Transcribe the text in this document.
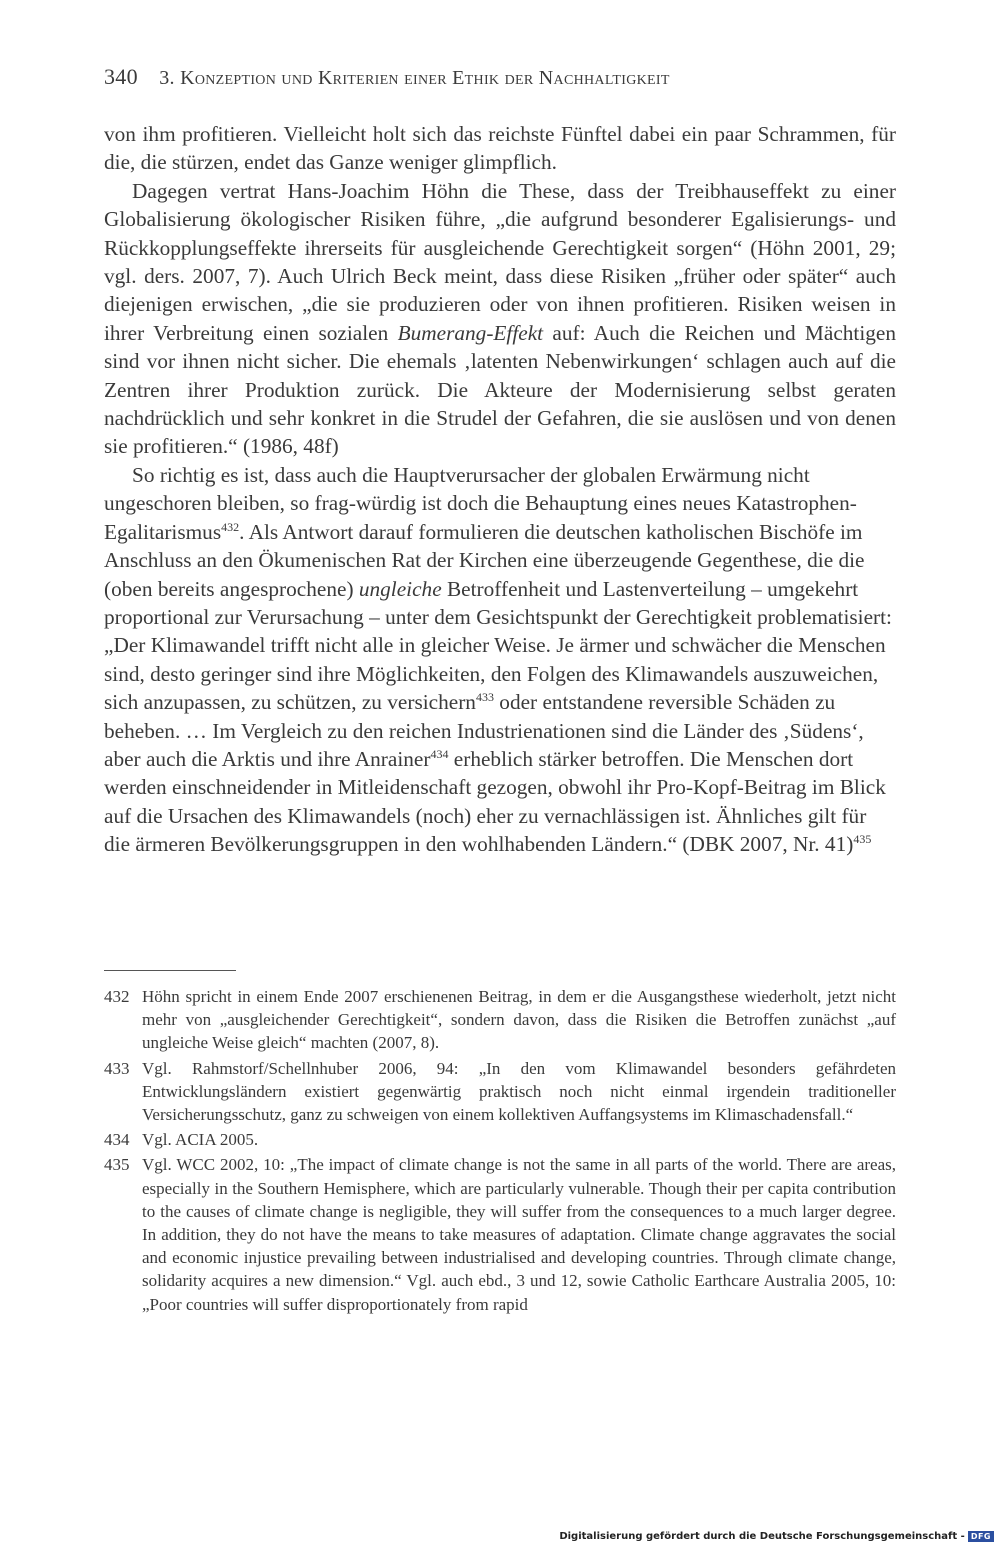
340 3. Konzeption und Kriterien einer Ethik der Nachhaltigkeit

von ihm profitieren. Vielleicht holt sich das reichste Fünftel dabei ein paar Schrammen, für die, die stürzen, endet das Ganze weniger glimpflich.

Dagegen vertrat Hans-Joachim Höhn die These, dass der Treibhauseffekt zu einer Globalisierung ökologischer Risiken führe, „die aufgrund besonderer Egalisierungs- und Rückkopplungseffekte ihrerseits für ausgleichende Gerechtigkeit sorgen“ (Höhn 2001, 29; vgl. ders. 2007, 7). Auch Ulrich Beck meint, dass diese Risiken „früher oder später“ auch diejenigen erwischen, „die sie produzieren oder von ihnen profitieren. Risiken weisen in ihrer Verbreitung einen sozialen Bumerang-Effekt auf: Auch die Reichen und Mächtigen sind vor ihnen nicht sicher. Die ehemals ‚latenten Nebenwirkungen‘ schlagen auch auf die Zentren ihrer Produktion zurück. Die Akteure der Modernisierung selbst geraten nachdrücklich und sehr konkret in die Strudel der Gefahren, die sie auslösen und von denen sie profitieren.“ (1986, 48f)

So richtig es ist, dass auch die Hauptverursacher der globalen Erwärmung nicht ungeschoren bleiben, so frag-würdig ist doch die Behauptung eines neues Katastrophen-Egalitarismus$^{432}$. Als Antwort darauf formulieren die deutschen katholischen Bischöfe im Anschluss an den Ökumenischen Rat der Kirchen eine überzeugende Gegenthese, die die (oben bereits angesprochene) ungleiche Betroffenheit und Lastenverteilung – umgekehrt proportional zur Verursachung – unter dem Gesichtspunkt der Gerechtigkeit problematisiert: „Der Klimawandel trifft nicht alle in gleicher Weise. Je ärmer und schwächer die Menschen sind, desto geringer sind ihre Möglichkeiten, den Folgen des Klimawandels auszuweichen, sich anzupassen, zu schützen, zu versichern$^{433}$ oder entstandene reversible Schäden zu beheben. … Im Vergleich zu den reichen Industrienationen sind die Länder des ‚Südens‘, aber auch die Arktis und ihre Anrainer$^{434}$ erheblich stärker betroffen. Die Menschen dort werden einschneidender in Mitleidenschaft gezogen, obwohl ihr Pro-Kopf-Beitrag im Blick auf die Ursachen des Klimawandels (noch) eher zu vernachlässigen ist. Ähnliches gilt für die ärmeren Bevölkerungsgruppen in den wohlhabenden Ländern.“ (DBK 2007, Nr. 41)$^{435}$

432 Höhn spricht in einem Ende 2007 erschienenen Beitrag, in dem er die Ausgangsthese wiederholt, jetzt nicht mehr von „ausgleichender Gerechtigkeit“, sondern davon, dass die Risiken die Betroffen zunächst „auf ungleiche Weise gleich“ machten (2007, 8).
433 Vgl. Rahmstorf/Schellnhuber 2006, 94: „In den vom Klimawandel besonders gefährdeten Entwicklungsländern existiert gegenwärtig praktisch noch nicht einmal irgendein traditioneller Versicherungsschutz, ganz zu schweigen von einem kollektiven Auffangsystems im Klimaschadensfall.“
434 Vgl. ACIA 2005.
435 Vgl. WCC 2002, 10: „The impact of climate change is not the same in all parts of the world. There are areas, especially in the Southern Hemisphere, which are particularly vulnerable. Though their per capita contribution to the causes of climate change is negligible, they will suffer from the consequences to a much larger degree. In addition, they do not have the means to take measures of adaptation. Climate change aggravates the social and economic injustice prevailing between industrialised and developing countries. Through climate change, solidarity acquires a new dimension.“ Vgl. auch ebd., 3 und 12, sowie Catholic Earthcare Australia 2005, 10: „Poor countries will suffer disproportionately from rapid
Digitalisierung gefördert durch die Deutsche Forschungsgemeinschaft - DFG
